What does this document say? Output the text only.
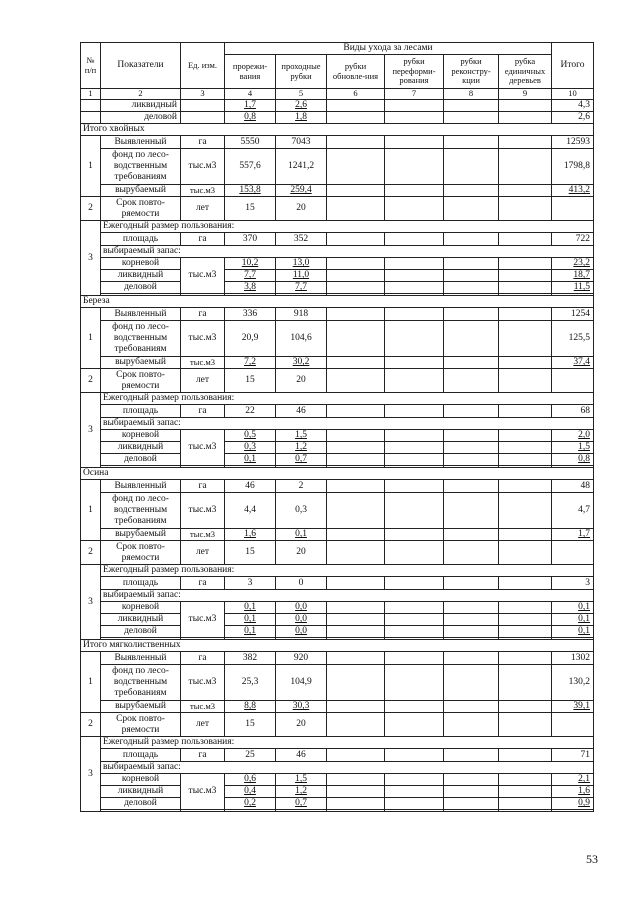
№ п/п	Показатели	Ед. изм.	Виды ухода за лесами						Итого
			прорежи-вания	проходные рубки	рубки обновле-ния	рубки переформи-рования	рубки реконстру-кции	рубка единичных деревьев	
1	2	3	4	5	6	7	8	9	10
	ликвидный		1,7	2,6					4,3
	деловой		0,8	1,8					2,6
Итого хвойных									
1	Выявленный	га	5550	7043					12593
	фонд по лесо-водственным требованиям	тыс.м3	557,6	1241,2					1798,8
	вырубаемый	тыс.м3	153,8	259,4					413,2
2	Срок повто-ряемости	лет	15	20					
3	Ежегодный размер пользования:								
	площадь	га	370	352					722
	выбираемый запас:								
	корневой	тыс.м3	10,2	13,0					23,2
	ликвидный		7,7	11,0					18,7
	деловой		3,8	7,7					11,5

Береза									
1	Выявленный	га	336	918					1254
	фонд по лесо-водственным требованиям	тыс.м3	20,9	104,6					125,5
	вырубаемый	тыс.м3	7,2	30,2					37,4
2	Срок повто-ряемости	лет	15	20					
3	Ежегодный размер пользования:								
	площадь	га	22	46					68
	выбираемый запас:								
	корневой	тыс.м3	0,5	1,5					2,0
	ликвидный		0,3	1,2					1,5
	деловой		0,1	0,7					0,8

Осина									
1	Выявленный	га	46	2					48
	фонд по лесо-водственным требованиям	тыс.м3	4,4	0,3					4,7
	вырубаемый	тыс.м3	1,6	0,1					1,7
2	Срок повто-ряемости	лет	15	20					
3	Ежегодный размер пользования:								
	площадь	га	3	0					3
	выбираемый запас:								
	корневой	тыс.м3	0,1	0,0					0,1
	ликвидный		0,1	0,0					0,1
	деловой		0,1	0,0					0,1

Итого мягколиственных									
1	Выявленный	га	382	920					1302
	фонд по лесо-водственным требованиям	тыс.м3	25,3	104,9					130,2
	вырубаемый	тыс.м3	8,8	30,3					39,1
2	Срок повто-ряемости	лет	15	20					
3	Ежегодный размер пользования:								
	площадь	га	25	46					71
	выбираемый запас:								
	корневой	тыс.м3	0,6	1,5					2,1
	ликвидный		0,4	1,2					1,6
	деловой		0,2	0,7					0,9

53
